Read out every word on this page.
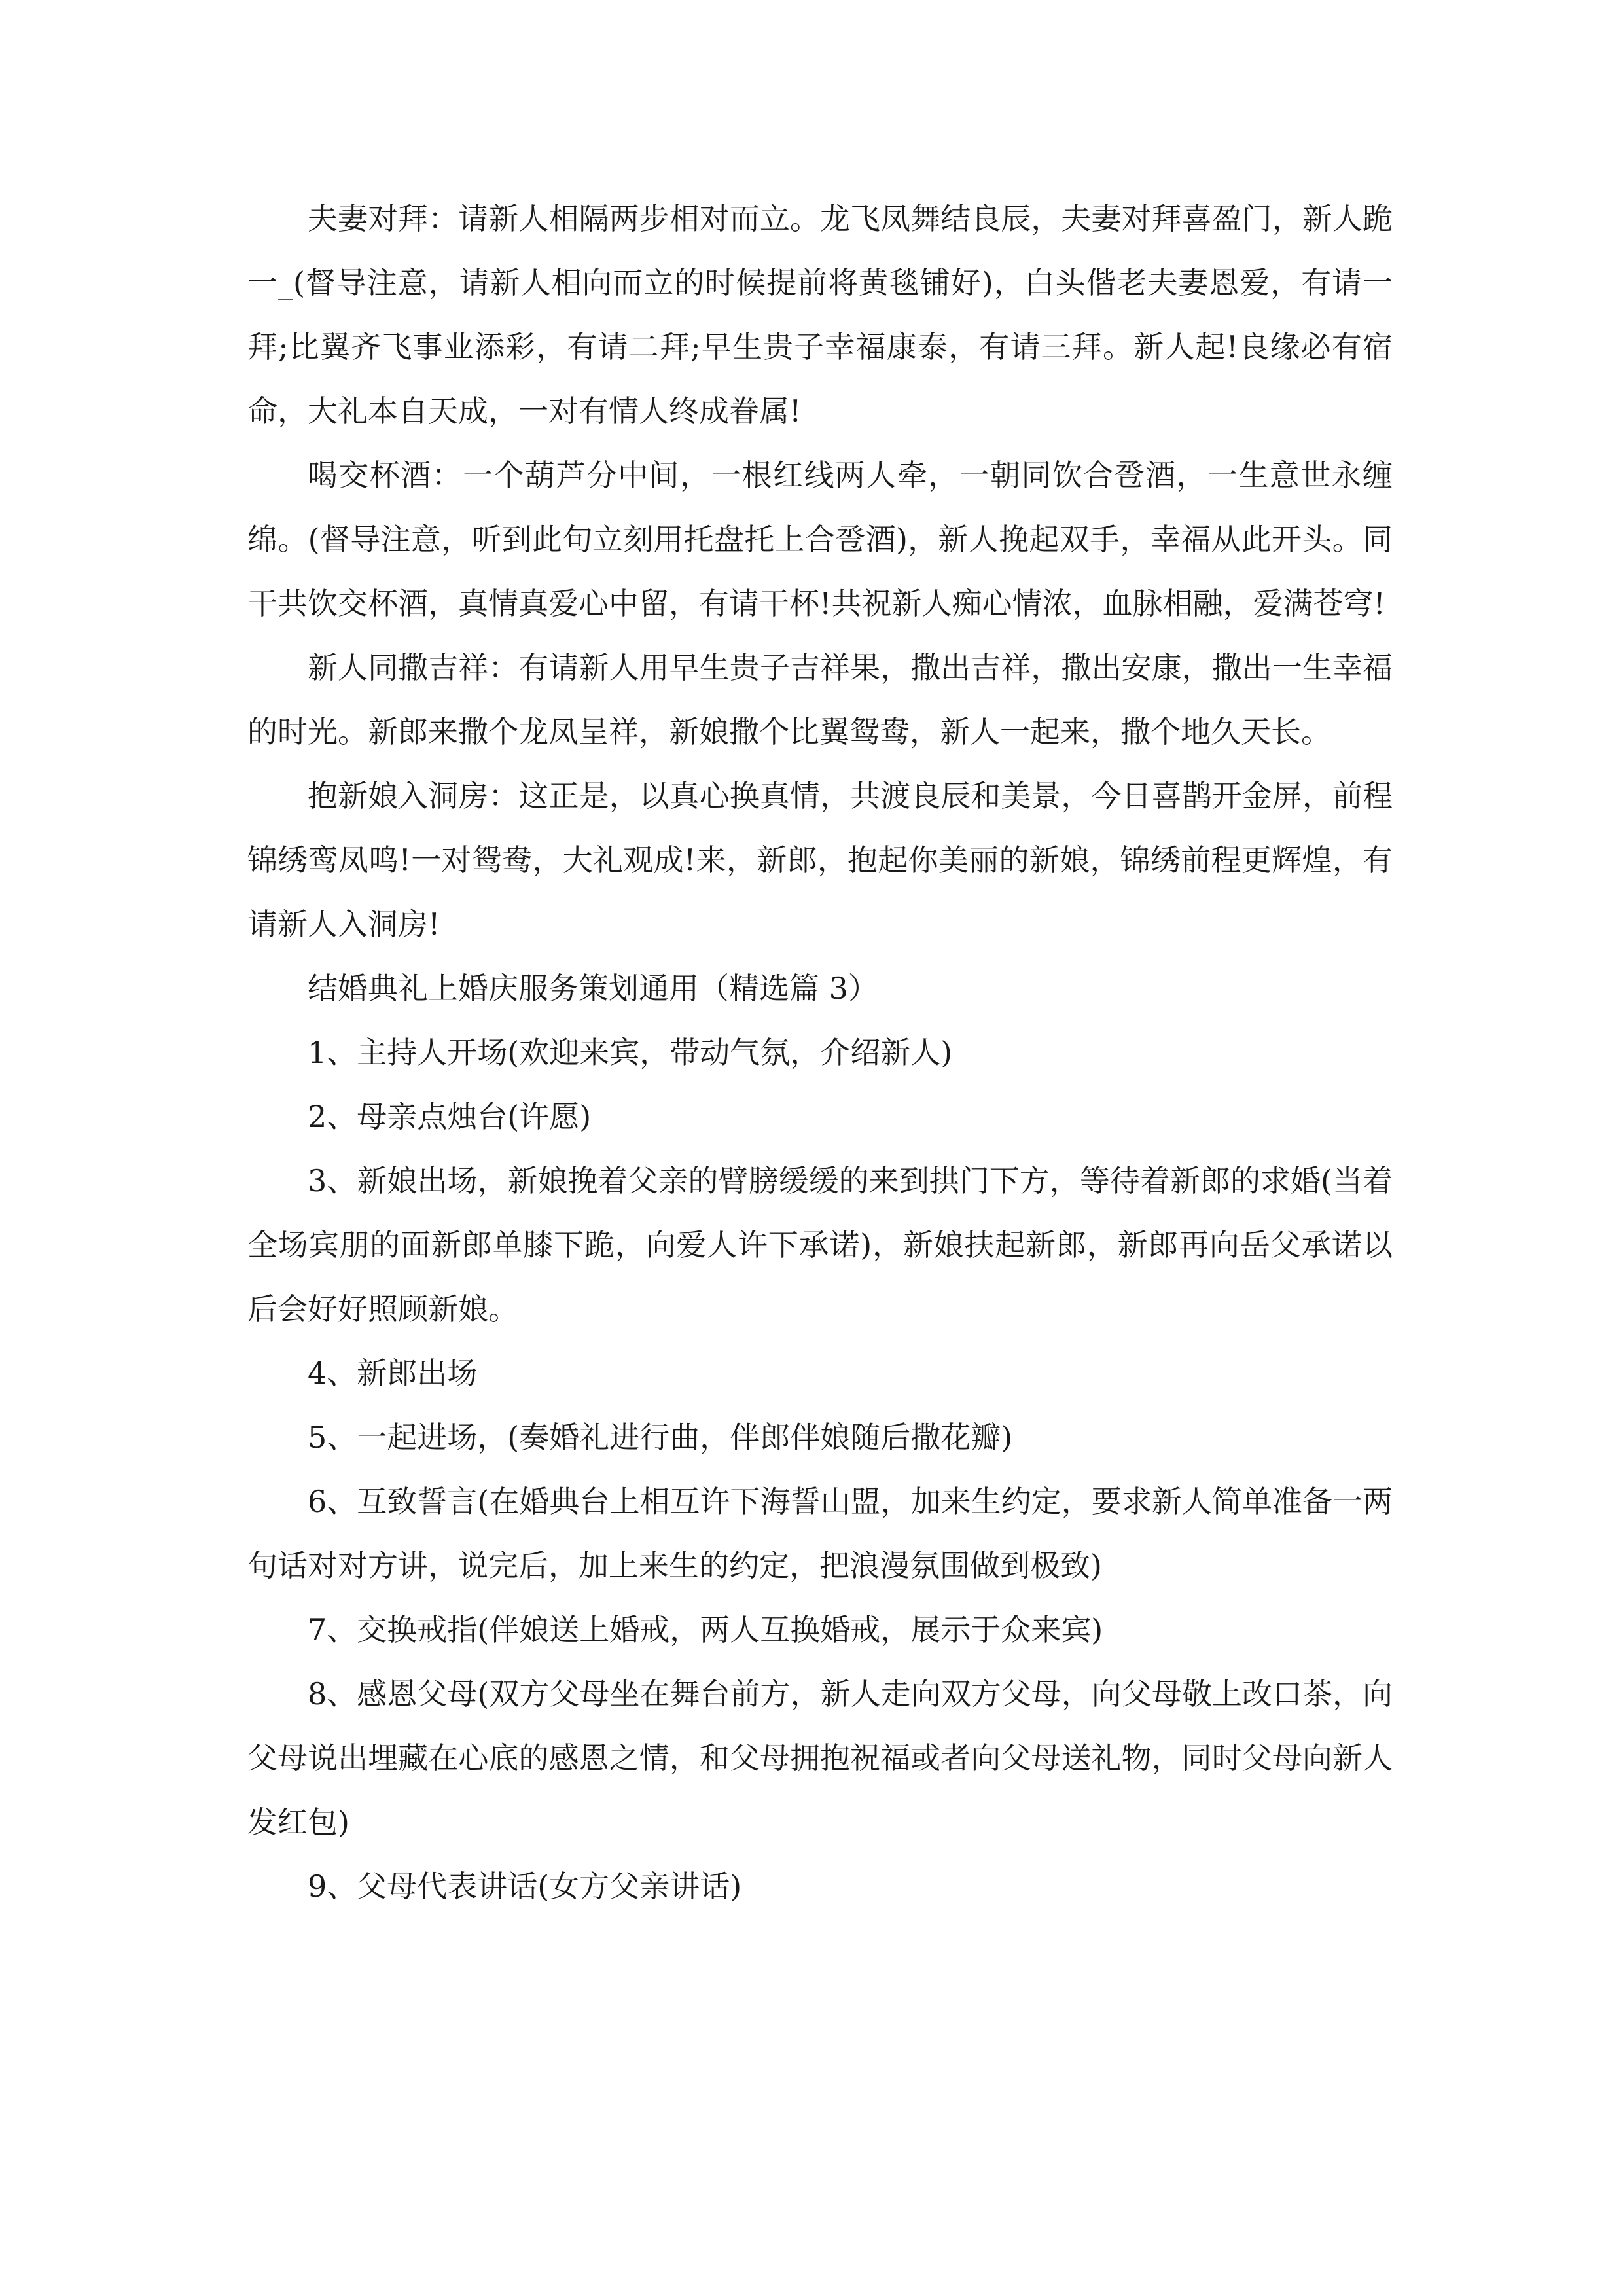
夫妻对拜：请新人相隔两步相对而立。龙飞凤舞结良辰，夫妻对拜喜盈门，新人跪一_(督导注意，请新人相向而立的时候提前将黄毯铺好)，白头偕老夫妻恩爱，有请一拜;比翼齐飞事业添彩，有请二拜;早生贵子幸福康泰，有请三拜。新人起!良缘必有宿命，大礼本自天成，一对有情人终成眷属!

喝交杯酒：一个葫芦分中间，一根红线两人牵，一朝同饮合卺酒，一生意世永缠绵。(督导注意，听到此句立刻用托盘托上合卺酒)，新人挽起双手，幸福从此开头。同干共饮交杯酒，真情真爱心中留，有请干杯!共祝新人痴心情浓，血脉相融，爱满苍穹!

新人同撒吉祥：有请新人用早生贵子吉祥果，撒出吉祥，撒出安康，撒出一生幸福的时光。新郎来撒个龙凤呈祥，新娘撒个比翼鸳鸯，新人一起来，撒个地久天长。

抱新娘入洞房：这正是，以真心换真情，共渡良辰和美景，今日喜鹊开金屏，前程锦绣鸾凤鸣!一对鸳鸯，大礼观成!来，新郎，抱起你美丽的新娘，锦绣前程更辉煌，有请新人入洞房!

结婚典礼上婚庆服务策划通用（精选篇 3）

1、主持人开场(欢迎来宾，带动气氛，介绍新人)

2、母亲点烛台(许愿)

3、新娘出场，新娘挽着父亲的臂膀缓缓的来到拱门下方，等待着新郎的求婚(当着全场宾朋的面新郎单膝下跪，向爱人许下承诺)，新娘扶起新郎，新郎再向岳父承诺以后会好好照顾新娘。

4、新郎出场

5、一起进场，(奏婚礼进行曲，伴郎伴娘随后撒花瓣)

6、互致誓言(在婚典台上相互许下海誓山盟，加来生约定，要求新人简单准备一两句话对对方讲，说完后，加上来生的约定，把浪漫氛围做到极致)

7、交换戒指(伴娘送上婚戒，两人互换婚戒，展示于众来宾)

8、感恩父母(双方父母坐在舞台前方，新人走向双方父母，向父母敬上改口茶，向父母说出埋藏在心底的感恩之情，和父母拥抱祝福或者向父母送礼物，同时父母向新人发红包)

9、父母代表讲话(女方父亲讲话)
